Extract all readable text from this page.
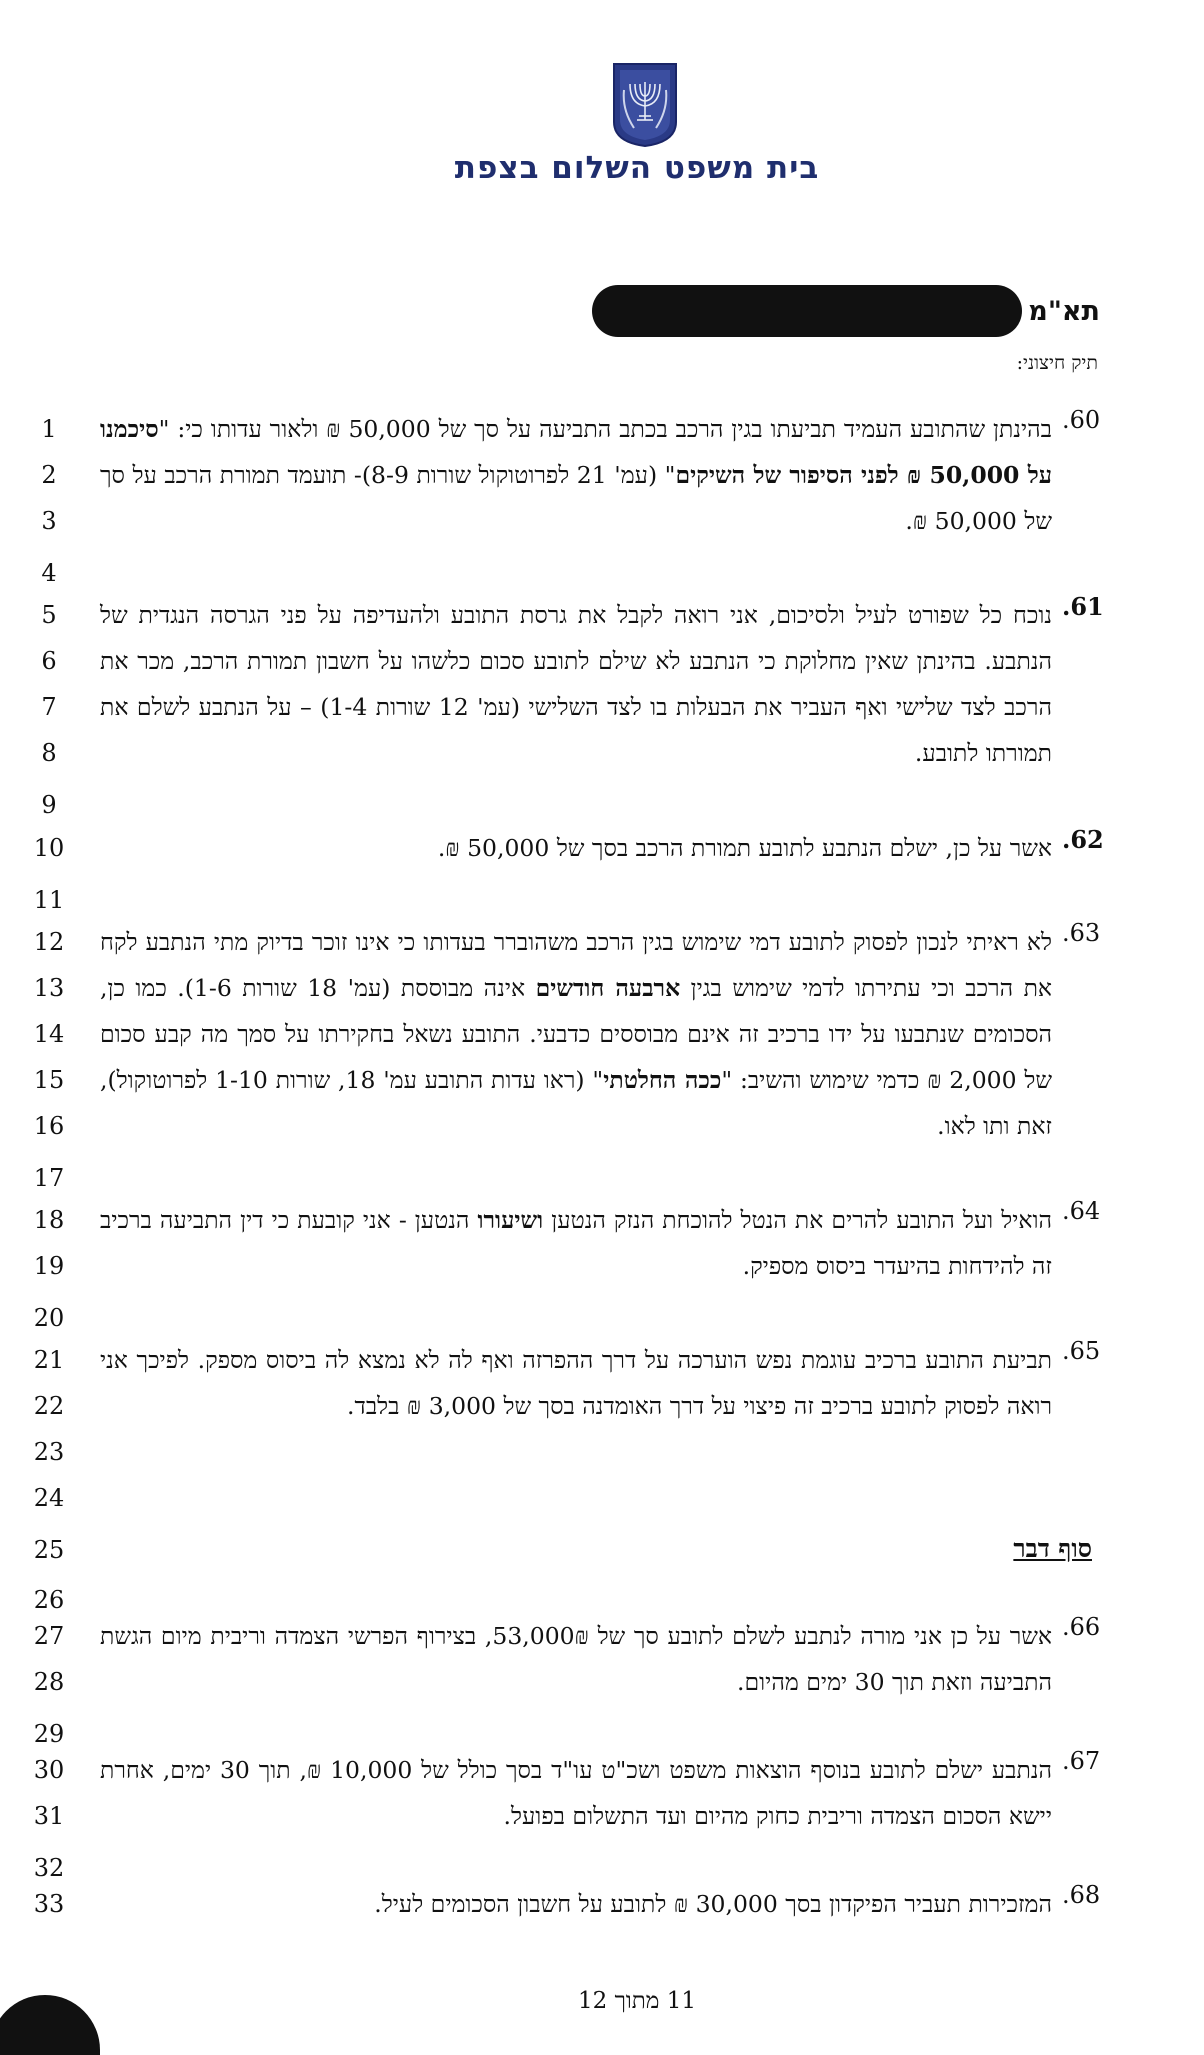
בית משפט השלום בצפת
תא"מ
תיק חיצוני:
1
2
3
4
5
6
7
8
9
10
11
12
13
14
15
16
17
18
19
20
21
22
23
24
25
26
27
28
29
30
31
32
33
.60
בהינתן שהתובע העמיד תביעתו בגין הרכב בכתב התביעה על סך של 50,000 ₪ ולאור עדותו כי: "סיכמנו על 50,000 ₪ לפני הסיפור של השיקים" (עמ' 21 לפרוטוקול שורות 8-9)- תועמד תמורת הרכב על סך של 50,000 ₪.
.61
נוכח כל שפורט לעיל ולסיכום, אני רואה לקבל את גרסת התובע ולהעדיפה על פני הגרסה הנגדית של הנתבע. בהינתן שאין מחלוקת כי הנתבע לא שילם לתובע סכום כלשהו על חשבון תמורת הרכב, מכר את הרכב לצד שלישי ואף העביר את הבעלות בו לצד השלישי (עמ' 12 שורות 1-4) – על הנתבע לשלם את תמורתו לתובע.
.62
אשר על כן, ישלם הנתבע לתובע תמורת הרכב בסך של 50,000 ₪.
.63
לא ראיתי לנכון לפסוק לתובע דמי שימוש בגין הרכב משהוברר בעדותו כי אינו זוכר בדיוק מתי הנתבע לקח את הרכב וכי עתירתו לדמי שימוש בגין ארבעה חודשים אינה מבוססת (עמ' 18 שורות 1-6). כמו כן, הסכומים שנתבעו על ידו ברכיב זה אינם מבוססים כדבעי. התובע נשאל בחקירתו על סמך מה קבע סכום של 2,000 ₪ כדמי שימוש והשיב: "ככה החלטתי" (ראו עדות התובע עמ' 18, שורות 1-10 לפרוטוקול), זאת ותו לאו.
.64
הואיל ועל התובע להרים את הנטל להוכחת הנזק הנטען ושיעורו הנטען - אני קובעת כי דין התביעה ברכיב זה להידחות בהיעדר ביסוס מספיק.
.65
תביעת התובע ברכיב עוגמת נפש הוערכה על דרך ההפרזה ואף לה לא נמצא לה ביסוס מספק. לפיכך אני רואה לפסוק לתובע ברכיב זה פיצוי על דרך האומדנה בסך של 3,000 ₪ בלבד.
סוף דבר
.66
אשר על כן אני מורה לנתבע לשלם לתובע סך של 53,000₪, בצירוף הפרשי הצמדה וריבית מיום הגשת התביעה וזאת תוך 30 ימים מהיום.
.67
הנתבע ישלם לתובע בנוסף הוצאות משפט ושכ"ט עו"ד בסך כולל של 10,000 ₪, תוך 30 ימים, אחרת יישא הסכום הצמדה וריבית כחוק מהיום ועד התשלום בפועל.
.68
המזכירות תעביר הפיקדון בסך 30,000 ₪ לתובע על חשבון הסכומים לעיל.
11 מתוך 12
